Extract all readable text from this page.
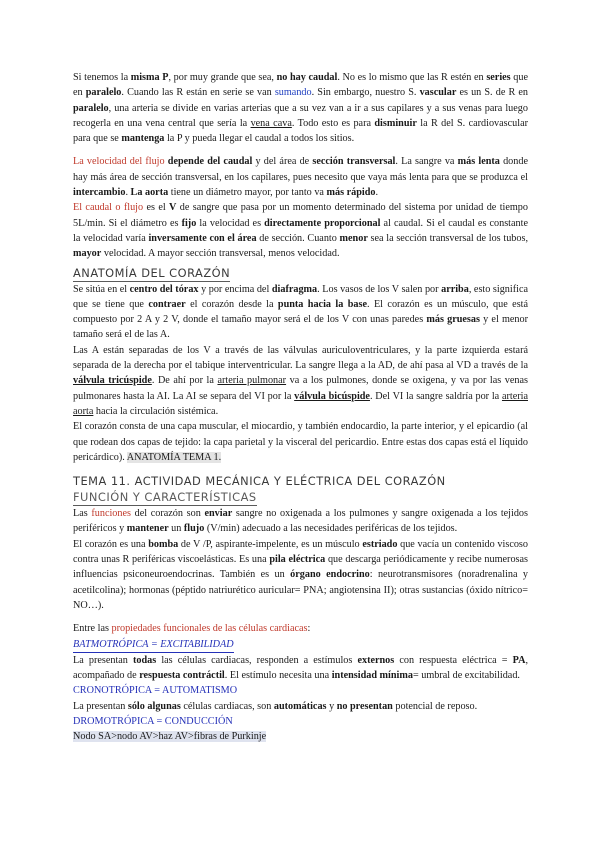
Si tenemos la misma P, por muy grande que sea, no hay caudal. No es lo mismo que las R estén en series que en paralelo. Cuando las R están en serie se van sumando. Sin embargo, nuestro S. vascular es un S. de R en paralelo, una arteria se divide en varias arterias que a su vez van a ir a sus capilares y a sus venas para luego recogerla en una vena central que sería la vena cava. Todo esto es para disminuir la R del S. cardiovascular para que se mantenga la P y pueda llegar el caudal a todos los sitios.

La velocidad del flujo depende del caudal y del área de sección transversal. La sangre va más lenta donde hay más área de sección transversal, en los capilares, pues necesito que vaya más lenta para que se produzca el intercambio. La aorta tiene un diámetro mayor, por tanto va más rápido.

El caudal o flujo es el V de sangre que pasa por un momento determinado del sistema por unidad de tiempo 5L/min. Si el diámetro es fijo la velocidad es directamente proporcional al caudal. Si el caudal es constante la velocidad varía inversamente con el área de sección. Cuanto menor sea la sección transversal de los tubos, mayor velocidad. A mayor sección transversal, menos velocidad.

ANATOMÍA DEL CORAZÓN

Se sitúa en el centro del tórax y por encima del diafragma. Los vasos de los V salen por arriba, esto significa que se tiene que contraer el corazón desde la punta hacia la base. El corazón es un músculo, que está compuesto por 2 A y 2 V, donde el tamaño mayor será el de los V con unas paredes más gruesas y el menor tamaño será el de las A.

Las A están separadas de los V a través de las válvulas auriculoventriculares, y la parte izquierda estará separada de la derecha por el tabique interventricular. La sangre llega a la AD, de ahí pasa al VD a través de la válvula tricúspide. De ahí por la arteria pulmonar va a los pulmones, donde se oxigena, y va por las venas pulmonares hasta la AI. La AI se separa del VI por la válvula bicúspide. Del VI la sangre saldría por la arteria aorta hacia la circulación sistémica.

El corazón consta de una capa muscular, el miocardio, y también endocardio, la parte interior, y el epicardio (al que rodean dos capas de tejido: la capa parietal y la visceral del pericardio. Entre estas dos capas está el líquido pericárdico). ANATOMÍA TEMA 1.

TEMA 11. ACTIVIDAD MECÁNICA Y ELÉCTRICA DEL CORAZÓN
FUNCIÓN Y CARACTERÍSTICAS

Las funciones del corazón son enviar sangre no oxigenada a los pulmones y sangre oxigenada a los tejidos periféricos y mantener un flujo (V/min) adecuado a las necesidades periféricas de los tejidos.

El corazón es una bomba de V /P, aspirante-impelente, es un músculo estriado que vacía un contenido viscoso contra unas R periféricas viscoelásticas. Es una pila eléctrica que descarga periódicamente y recibe numerosas influencias psiconeuroendocrinas. También es un órgano endocrino: neurotransmisores (noradrenalina y acetilcolina); hormonas (péptido natriurético auricular= PNA; angiotensina II); otras sustancias (óxido nítrico= NO…).

Entre las propiedades funcionales de las células cardiacas:

BATMOTRÓPICA = EXCITABILIDAD

La presentan todas las células cardiacas, responden a estímulos externos con respuesta eléctrica = PA, acompañado de respuesta contráctil. El estímulo necesita una intensidad mínima= umbral de excitabilidad.

CRONOTRÓPICA = AUTOMATISMO

La presentan sólo algunas células cardiacas, son automáticas y no presentan potencial de reposo.

DROMOTRÓPICA = CONDUCCIÓN

Nodo SA>nodo AV>haz AV>fibras de Purkinje
